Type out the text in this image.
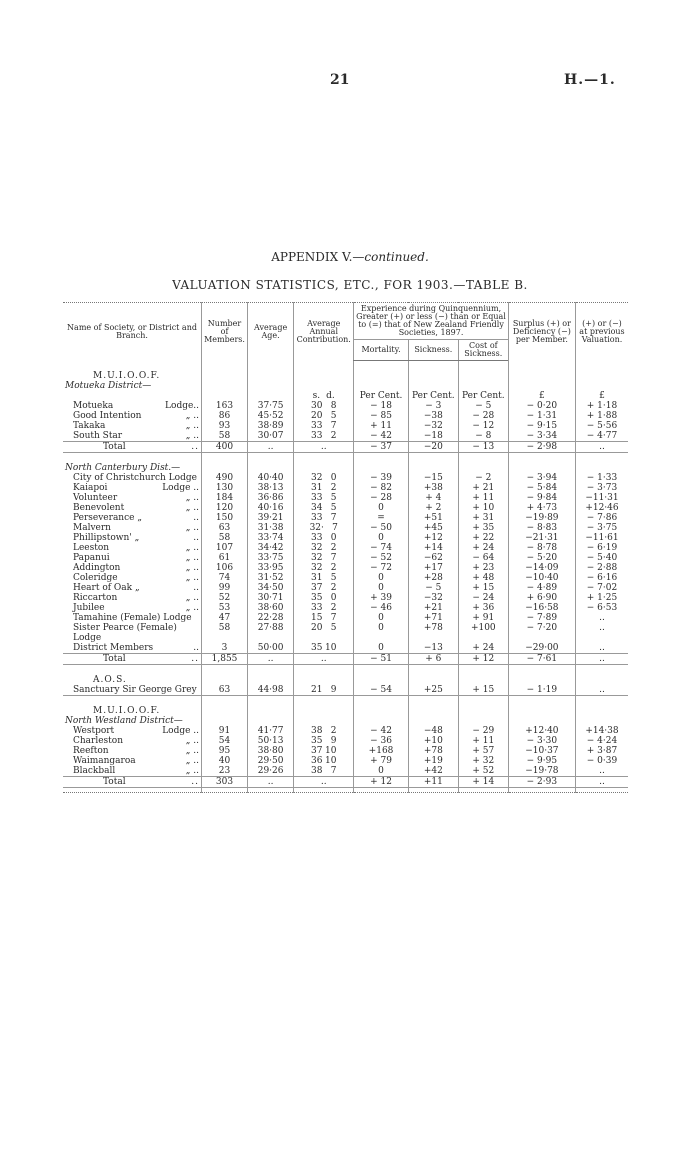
21	H.—1.
APPENDIX V.—continued.
VALUATION STATISTICS, ETC., FOR 1903.—TABLE B.
Name of Society, or District and Branch.	Number of Members.	Average Age.	Average Annual Contribution.	Experience during Quinquennium, Greater (+) or less (−) than or Equal to (=) that of New Zealand Friendly Societies, 1897.			Surplus (+) or Deficiency (−) per Member.	(+) or (−) at previous Valuation.
				Mortality.	Sickness.	Cost of Sickness.		

M.U.I.O.O.F.								
Motueka District—								
			s. d.	Per Cent.	Per Cent.	Per Cent.	£	£
Motueka Lodge..	163	37·75	30 8	− 18	− 3	− 5	− 0·20	+ 1·18
Good Intention „ ..	86	45·52	20 5	− 85	−38	− 28	− 1·31	+ 1·88
Takaka „ ..	93	38·89	33 7	+ 11	−32	− 12	− 9·15	− 5·56
South Star „ ..	58	30·07	33 2	− 42	−18	− 8	− 3·34	− 4·77
Total ..	400	..	..	− 37	−20	− 13	− 2·98	..

North Canterbury Dist.—								
City of Christchurch Lodge	490	40·40	32 0	− 39	−15	− 2	− 3·94	− 1·33
Kaiapoi Lodge ..	130	38·13	31 2	− 82	+38	+ 21	− 5·84	− 3·73
Volunteer „ ..	184	36·86	33 5	− 28	+ 4	+ 11	− 9·84	−11·31
Benevolent „ ..	120	40·16	34 5	0	+ 2	+ 10	+ 4·73	+12·46
Perseverance „ ..	150	39·21	33 7	=	+51	+ 31	−19·89	− 7·86
Malvern „ ..	63	31·38	32· 7	− 50	+45	+ 35	− 8·83	− 3·75
Phillipstown' „ ..	58	33·74	33 0	0	+12	+ 22	−21·31	−11·61
Leeston „ ..	107	34·42	32 2	− 74	+14	+ 24	− 8·78	− 6·19
Papanui „ ..	61	33·75	32 7	− 52	−62	− 64	− 5·20	− 5·40
Addington „ ..	106	33·95	32 2	− 72	+17	+ 23	−14·09	− 2·88
Coleridge „ ..	74	31·52	31 5	0	+28	+ 48	−10·40	− 6·16
Heart of Oak „ ..	99	34·50	37 2	0	− 5	+ 15	− 4·89	− 7·02
Riccarton „ ..	52	30·71	35 0	+ 39	−32	− 24	+ 6·90	+ 1·25
Jubilee „ ..	53	38·60	33 2	− 46	+21	+ 36	−16·58	− 6·53
Tamahine (Female) Lodge	47	22·28	15 7	0	+71	+ 91	− 7·89	..
Sister Pearce (Female) Lodge	58	27·88	20 5	0	+78	+100	− 7·20	..
District Members ..	3	50·00	35 10	0	−13	+ 24	−29·00	..
Total ..	1,855	..	..	− 51	+ 6	+ 12	− 7·61	..

A.O.S.								
Sanctuary Sir George Grey	63	44·98	21 9	− 54	+25	+ 15	− 1·19	..

M.U.I.O.O.F.								
North Westland District—								
Westport Lodge ..	91	41·77	38 2	− 42	−48	− 29	+12·40	+14·38
Charleston „ ..	54	50·13	35 9	− 36	+10	+ 11	− 3·30	− 4·24
Reefton „ ..	95	38·80	37 10	+168	+78	+ 57	−10·37	+ 3·87
Waimangaroa „ ..	40	29·50	36 10	+ 79	+19	+ 32	− 9·95	− 0·39
Blackball „ ..	23	29·26	38 7	0	+42	+ 52	−19·78	..
Total ..	303	..	..	+ 12	+11	+ 14	− 2·93	..
